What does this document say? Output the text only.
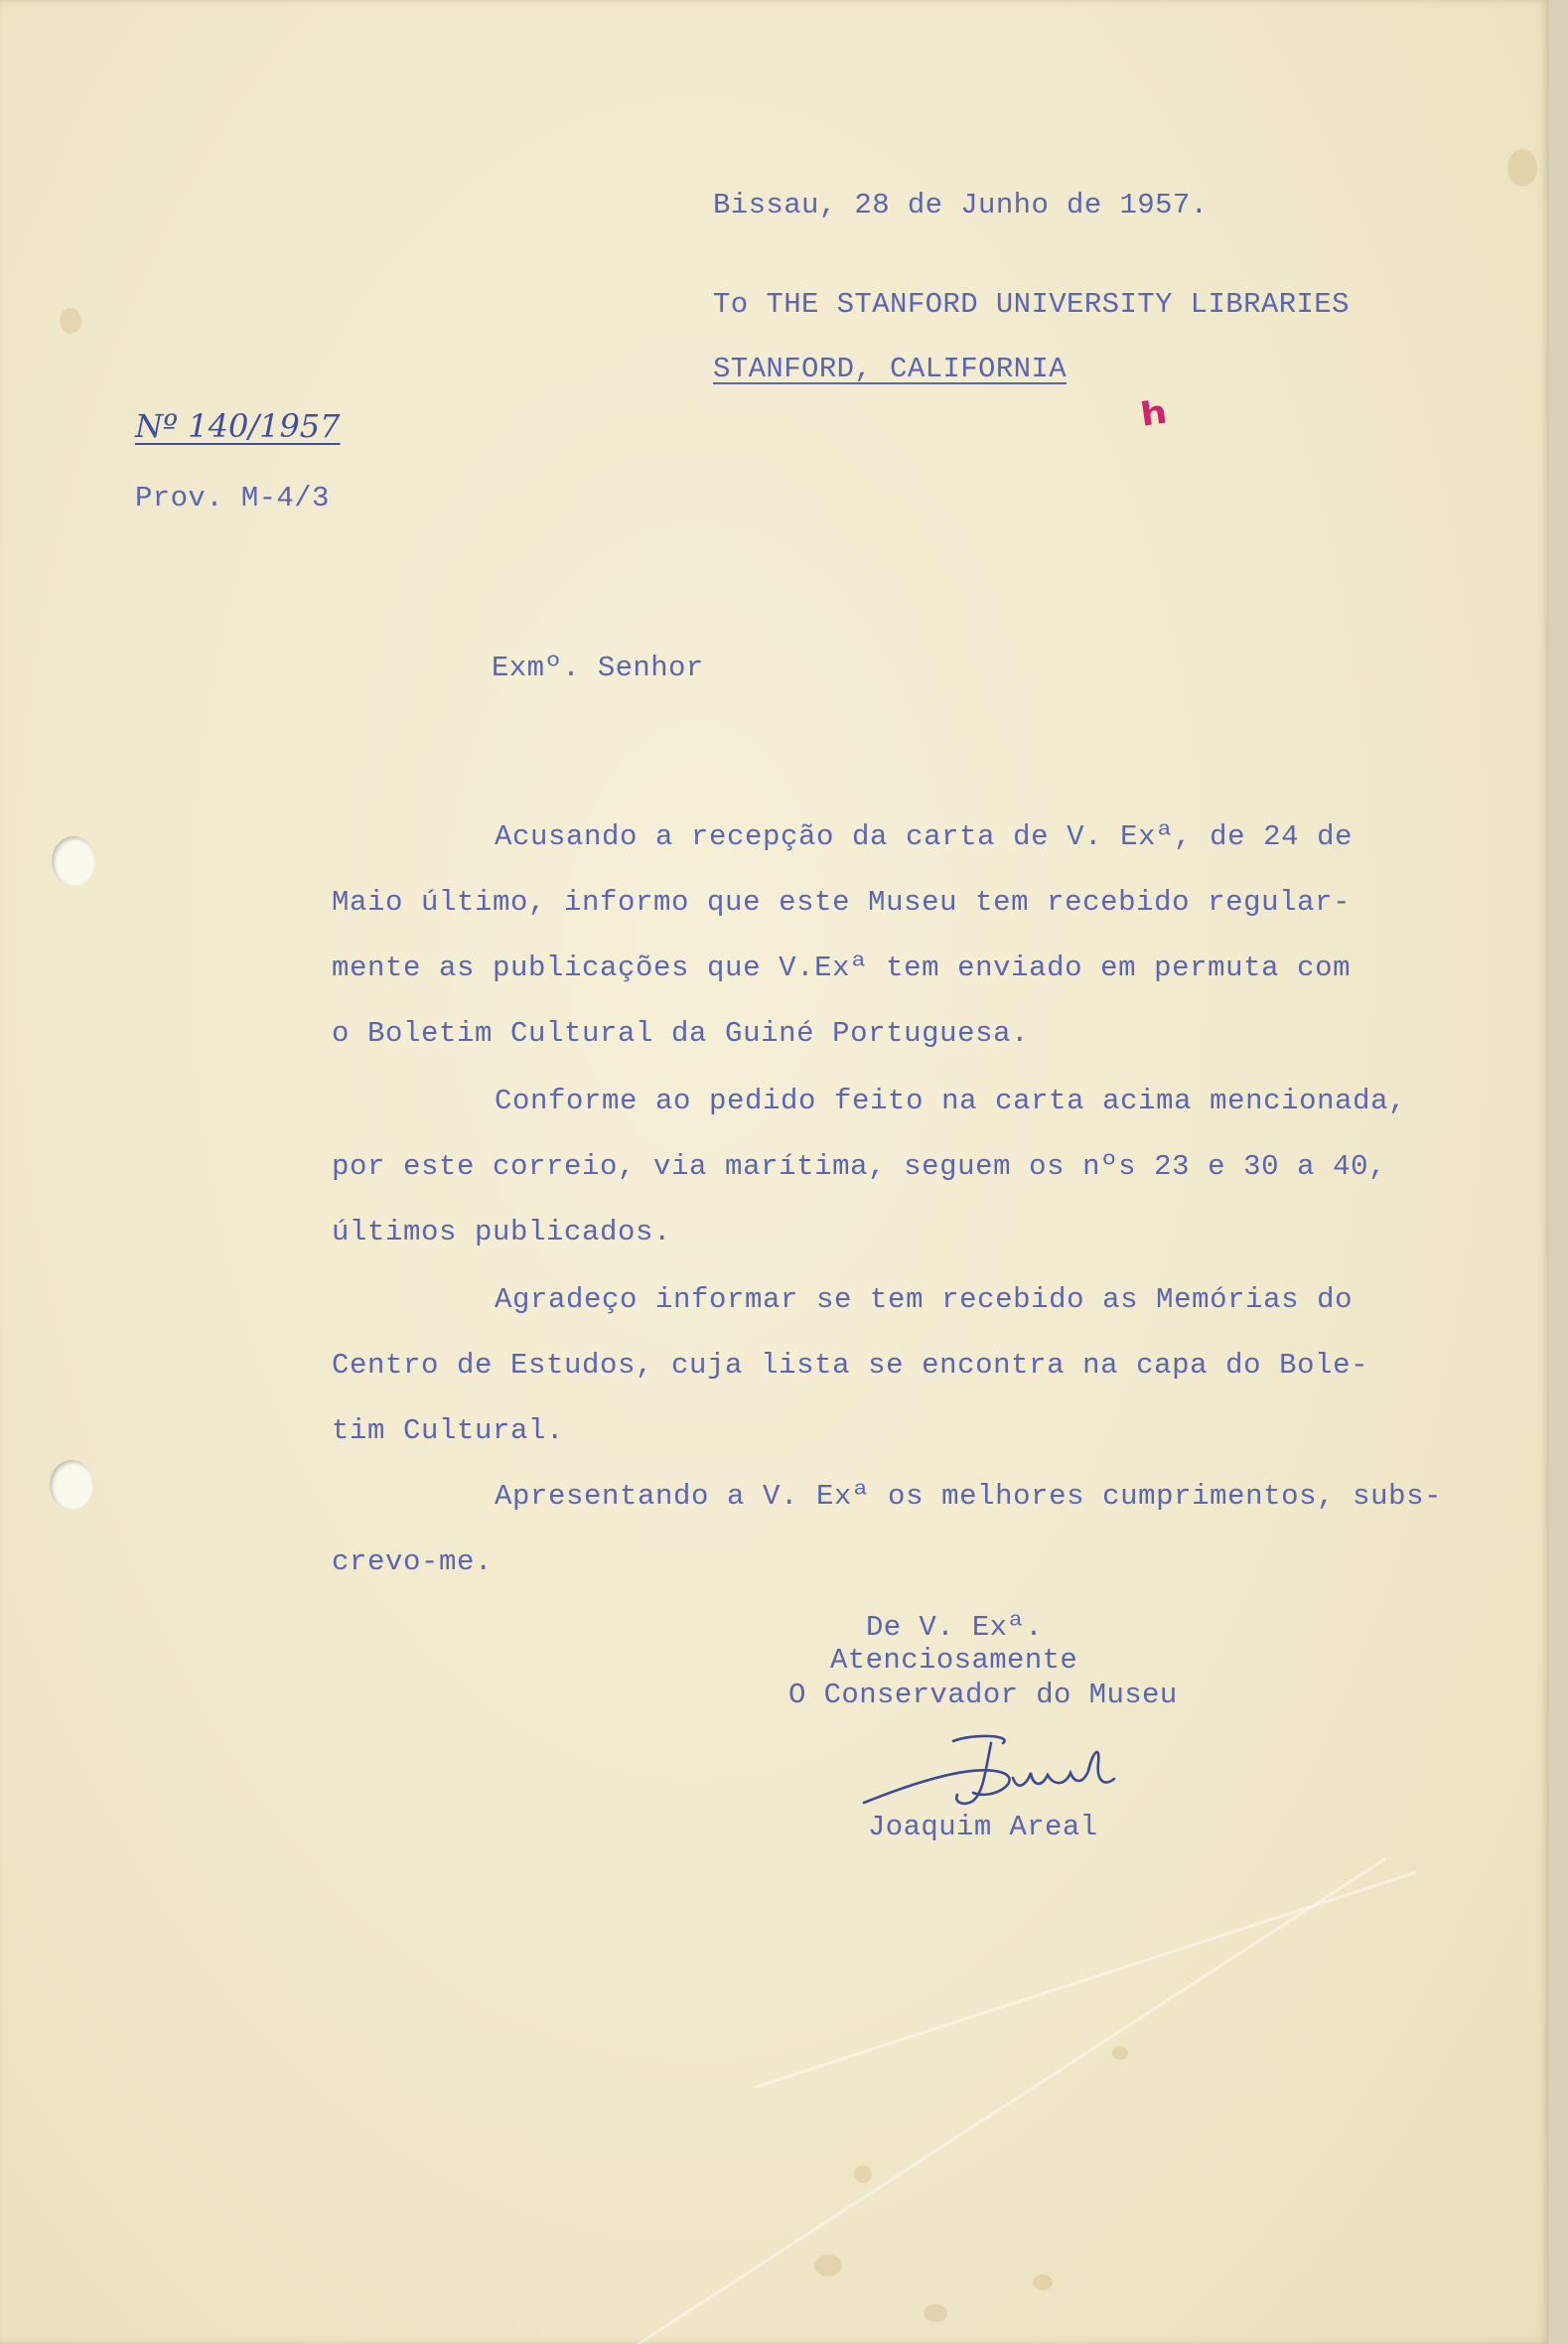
Bissau, 28 de Junho de 1957.
To THE STANFORD UNIVERSITY LIBRARIES
STANFORD, CALIFORNIA
ʰ
Nº 140/1957
Prov. M-4/3
Exmº. Senhor
Acusando a recepção da carta de V. Exª, de 24 de
Maio último, informo que este Museu tem recebido regular-
mente as publicações que V.Exª tem enviado em permuta com
o Boletim Cultural da Guiné Portuguesa.
Conforme ao pedido feito na carta acima mencionada,
por este correio, via marítima, seguem os nºs 23 e 30 a 40,
últimos publicados.
Agradeço informar se tem recebido as Memórias do
Centro de Estudos, cuja lista se encontra na capa do Bole-
tim Cultural.
Apresentando a V. Exª os melhores cumprimentos, subs-
crevo-me.
De V. Exª.
Atenciosamente
O Conservador do Museu
Joaquim Areal
